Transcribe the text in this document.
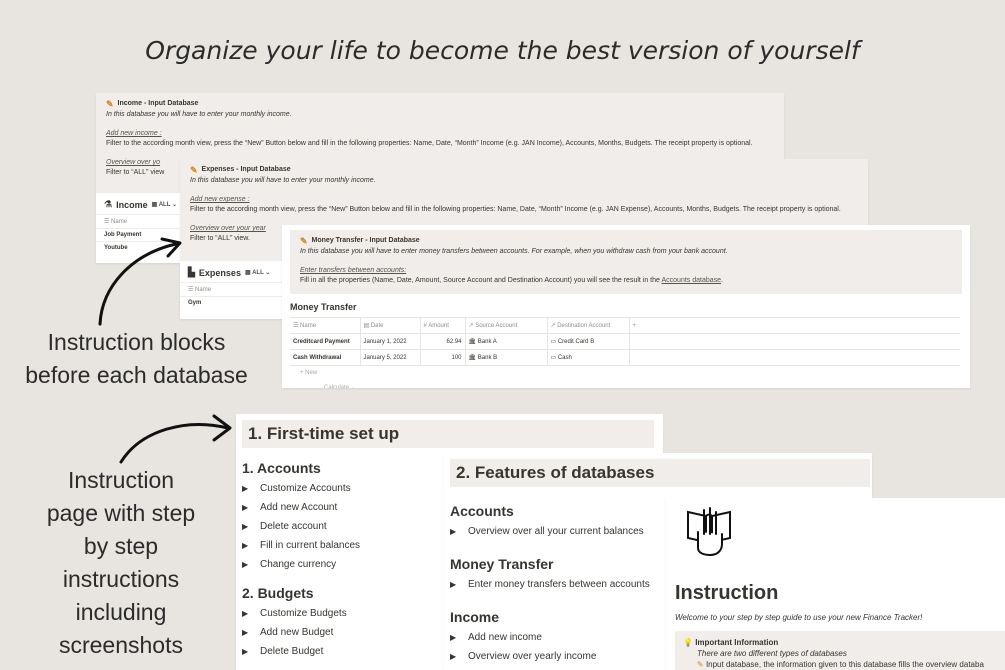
Organize your life to become the best version of yourself
✎ Income - Input Database
In this database you will have to enter your monthly income.
Add new income :
Filter to the according month view, press the “New” Button below and fill in the following properties: Name, Date, “Month” Income (e.g. JAN Income), Accounts, Months, Budgets. The receipt property is optional.
Overview over yo
Filter to “ALL” view
⚗ Income ▦ ALL ⌄
☰ Name
Job Payment
Youtube
✎ Expenses - Input Database
In this database you will have to enter your monthly income.
Add new expense :
Filter to the according month view, press the “New” Button below and fill in the following properties: Name, Date, “Month” Income (e.g. JAN Expense), Accounts, Months, Budgets. The receipt property is optional.
Overview over your year
Filter to “ALL” view.
▙ Expenses ▦ ALL ⌄
☰ Name
Gym
✎ Money Transfer - Input Database
In this database you will have to enter money transfers between accounts. For example, when you withdraw cash from your bank account.
Enter transfers between accounts:
Fill in all the properties (Name, Date, Amount, Source Account and Destination Account) you will see the result in the Accounts database.
Money Transfer
☰ Name	▤ Date	# Amount	↗ Source Account	↗ Destination Account	+
Creditcard Payment	January 1, 2022	62.94	🏛 Bank A	▭ Credit Card B	
Cash Withdrawal	January 5, 2022	100	🏛 Bank B	▭ Cash	
+ New
Calculate ⌄
Instruction blocks
before each database
Instruction
page with step
by step
instructions
including
screenshots
1. First-time set up
1. Accounts
▶	Customize Accounts
▶	Add new Account
▶	Delete account
▶	Fill in current balances
▶	Change currency
2. Budgets
▶	Customize Budgets
▶	Add new Budget
▶	Delete Budget
2. Features of databases
Accounts
▶	Overview over all your current balances
Money Transfer
▶	Enter money transfers between accounts
Income
▶	Add new income
▶	Overview over yearly income
Instruction
Welcome to your step by step guide to use your new Finance Tracker!
💡 Important Information
There are two different types of databases
✎ Input database, the information given to this database fills the overview databa
